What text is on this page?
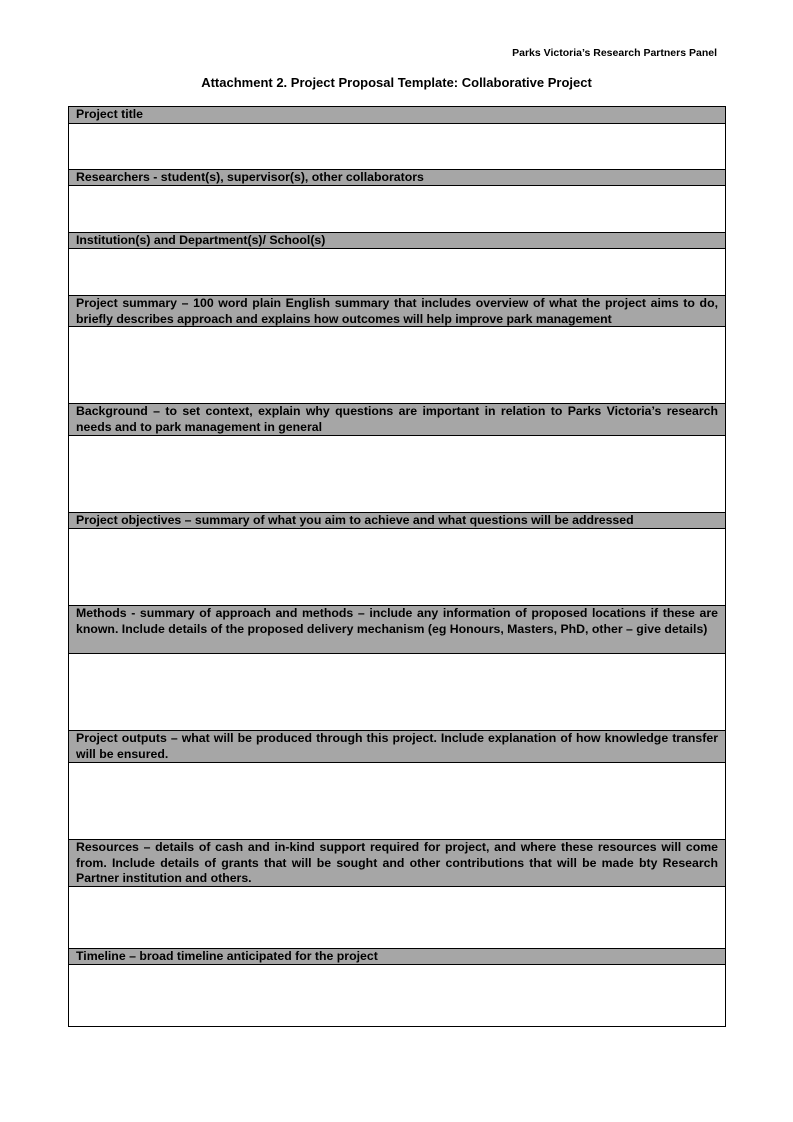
Parks Victoria’s Research Partners Panel
Attachment 2. Project Proposal Template: Collaborative Project
Project title
Researchers - student(s), supervisor(s), other collaborators
Institution(s) and Department(s)/ School(s)
Project summary – 100 word plain English summary that includes overview of what the project aims to do, briefly describes approach and explains how outcomes will help improve park management
Background – to set context, explain why questions are important in relation to Parks Victoria’s research needs and to park management in general
Project objectives – summary of what you aim to achieve and what questions will be addressed
Methods - summary of approach and methods – include any information of proposed locations if these are known. Include details of the proposed delivery mechanism (eg Honours, Masters, PhD, other – give details)
Project outputs – what will be produced through this project. Include explanation of how knowledge transfer will be ensured.
Resources – details of cash and in-kind support required for project, and where these resources will come from. Include details of grants that will be sought and other contributions that will be made bty Research Partner institution and others.
Timeline – broad timeline anticipated for the project
